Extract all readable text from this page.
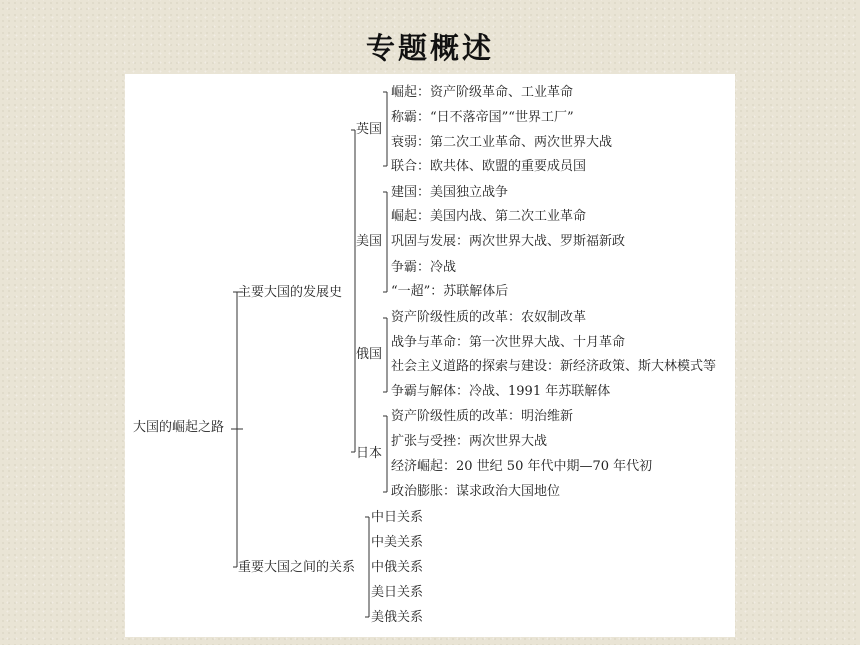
专题概述
大国的崛起之路
主要大国的发展史
重要大国之间的关系
英国
美国
俄国
日本
崛起：资产阶级革命、工业革命
称霸：“日不落帝国”“世界工厂”
衰弱：第二次工业革命、两次世界大战
联合：欧共体、欧盟的重要成员国
建国：美国独立战争
崛起：美国内战、第二次工业革命
巩固与发展：两次世界大战、罗斯福新政
争霸：冷战
“一超”：苏联解体后
资产阶级性质的改革：农奴制改革
战争与革命：第一次世界大战、十月革命
社会主义道路的探索与建设：新经济政策、斯大林模式等
争霸与解体：冷战、1991 年苏联解体
资产阶级性质的改革：明治维新
扩张与受挫：两次世界大战
经济崛起：20 世纪 50 年代中期—70 年代初
政治膨胀：谋求政治大国地位
中日关系
中美关系
中俄关系
美日关系
美俄关系
